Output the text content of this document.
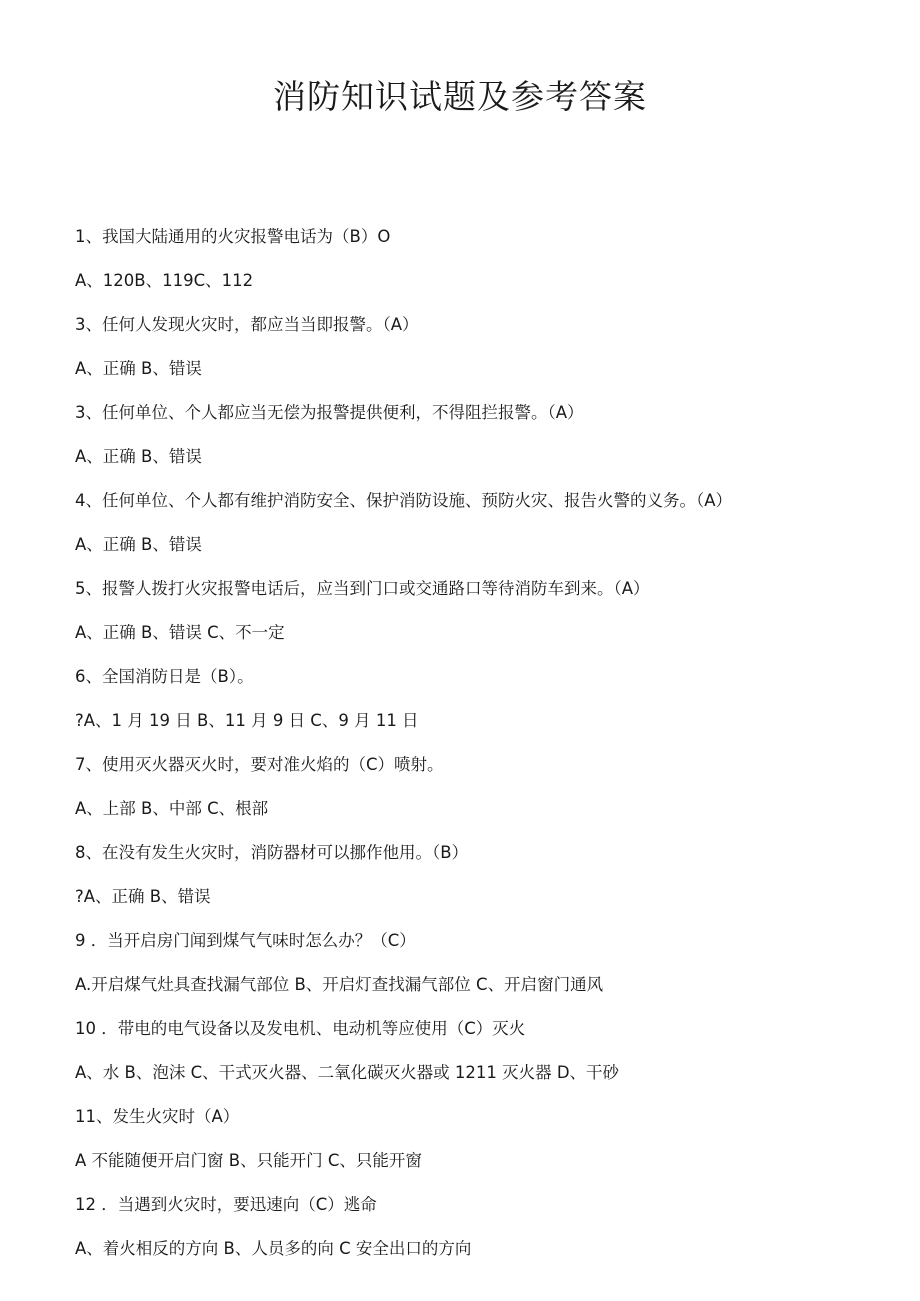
消防知识试题及参考答案
1、我国大陆通用的火灾报警电话为（B）O
A、120B、119C、112
3、任何人发现火灾时，都应当当即报警。（A）
A、正确 B、错误
3、任何单位、个人都应当无偿为报警提供便利，不得阻拦报警。（A）
A、正确 B、错误
4、任何单位、个人都有维护消防安全、保护消防设施、预防火灾、报告火警的义务。（A）
A、正确 B、错误
5、报警人拨打火灾报警电话后，应当到门口或交通路口等待消防车到来。（A）
A、正确 B、错误 C、不一定
6、全国消防日是（B）。
?A、1 月 19 日 B、11 月 9 日 C、9 月 11 日
7、使用灭火器灭火时，要对准火焰的（C）喷射。
A、上部 B、中部 C、根部
8、在没有发生火灾时，消防器材可以挪作他用。（B）
?A、正确 B、错误
9 ．当开启房门闻到煤气气味时怎么办？（C）
A.开启煤气灶具查找漏气部位 B、开启灯查找漏气部位 C、开启窗门通风
10 ．带电的电气设备以及发电机、电动机等应使用（C）灭火
A、水 B、泡沫 C、干式灭火器、二氧化碳灭火器或 1211 灭火器 D、干砂
11、发生火灾时（A）
A 不能随便开启门窗 B、只能开门 C、只能开窗
12 ．当遇到火灾时，要迅速向（C）逃命
A、着火相反的方向 B、人员多的向 C 安全出口的方向
